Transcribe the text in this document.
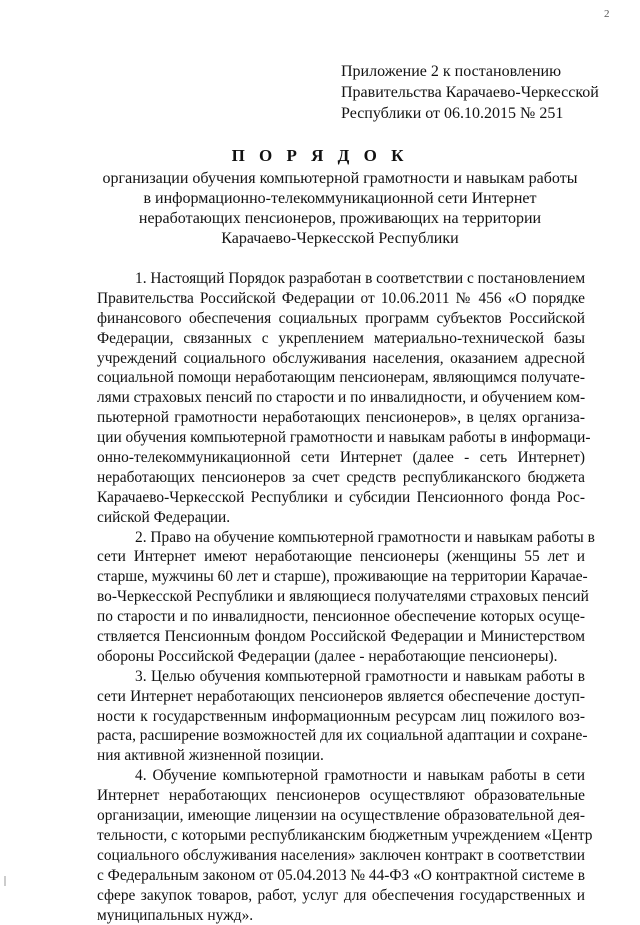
2
Приложение 2 к постановлению
Правительства Карачаево-Черкесской
Республики от 06.10.2015 № 251
П О Р Я Д О К
организации обучения компьютерной грамотности и навыкам работы
в информационно-телекоммуникационной сети Интернет
неработающих пенсионеров, проживающих на территории
Карачаево-Черкесской Республики
1. Настоящий Порядок разработан в соответствии с постановлением
Правительства Российской Федерации от 10.06.2011 № 456 «О порядке
финансового обеспечения социальных программ субъектов Российской
Федерации, связанных с укреплением материально-технической базы
учреждений социального обслуживания населения, оказанием адресной
социальной помощи неработающим пенсионерам, являющимся получате-
лями страховых пенсий по старости и по инвалидности, и обучением ком-
пьютерной грамотности неработающих пенсионеров», в целях организа-
ции обучения компьютерной грамотности и навыкам работы в информаци-
онно-телекоммуникационной сети Интернет (далее - сеть Интернет)
неработающих пенсионеров за счет средств республиканского бюджета
Карачаево-Черкесской Республики и субсидии Пенсионного фонда Рос-
сийской Федерации.
2. Право на обучение компьютерной грамотности и навыкам работы в
сети Интернет имеют неработающие пенсионеры (женщины 55 лет и
старше, мужчины 60 лет и старше), проживающие на территории Карачае-
во-Черкесской Республики и являющиеся получателями страховых пенсий
по старости и по инвалидности, пенсионное обеспечение которых осуще-
ствляется Пенсионным фондом Российской Федерации и Министерством
обороны Российской Федерации (далее - неработающие пенсионеры).
3. Целью обучения компьютерной грамотности и навыкам работы в
сети Интернет неработающих пенсионеров является обеспечение доступ-
ности к государственным информационным ресурсам лиц пожилого воз-
раста, расширение возможностей для их социальной адаптации и сохране-
ния активной жизненной позиции.
4. Обучение компьютерной грамотности и навыкам работы в сети
Интернет неработающих пенсионеров осуществляют образовательные
организации, имеющие лицензии на осуществление образовательной дея-
тельности, с которыми республиканским бюджетным учреждением «Центр
социального обслуживания населения» заключен контракт в соответствии
с Федеральным законом от 05.04.2013 № 44-ФЗ «О контрактной системе в
сфере закупок товаров, работ, услуг для обеспечения государственных и
муниципальных нужд».
